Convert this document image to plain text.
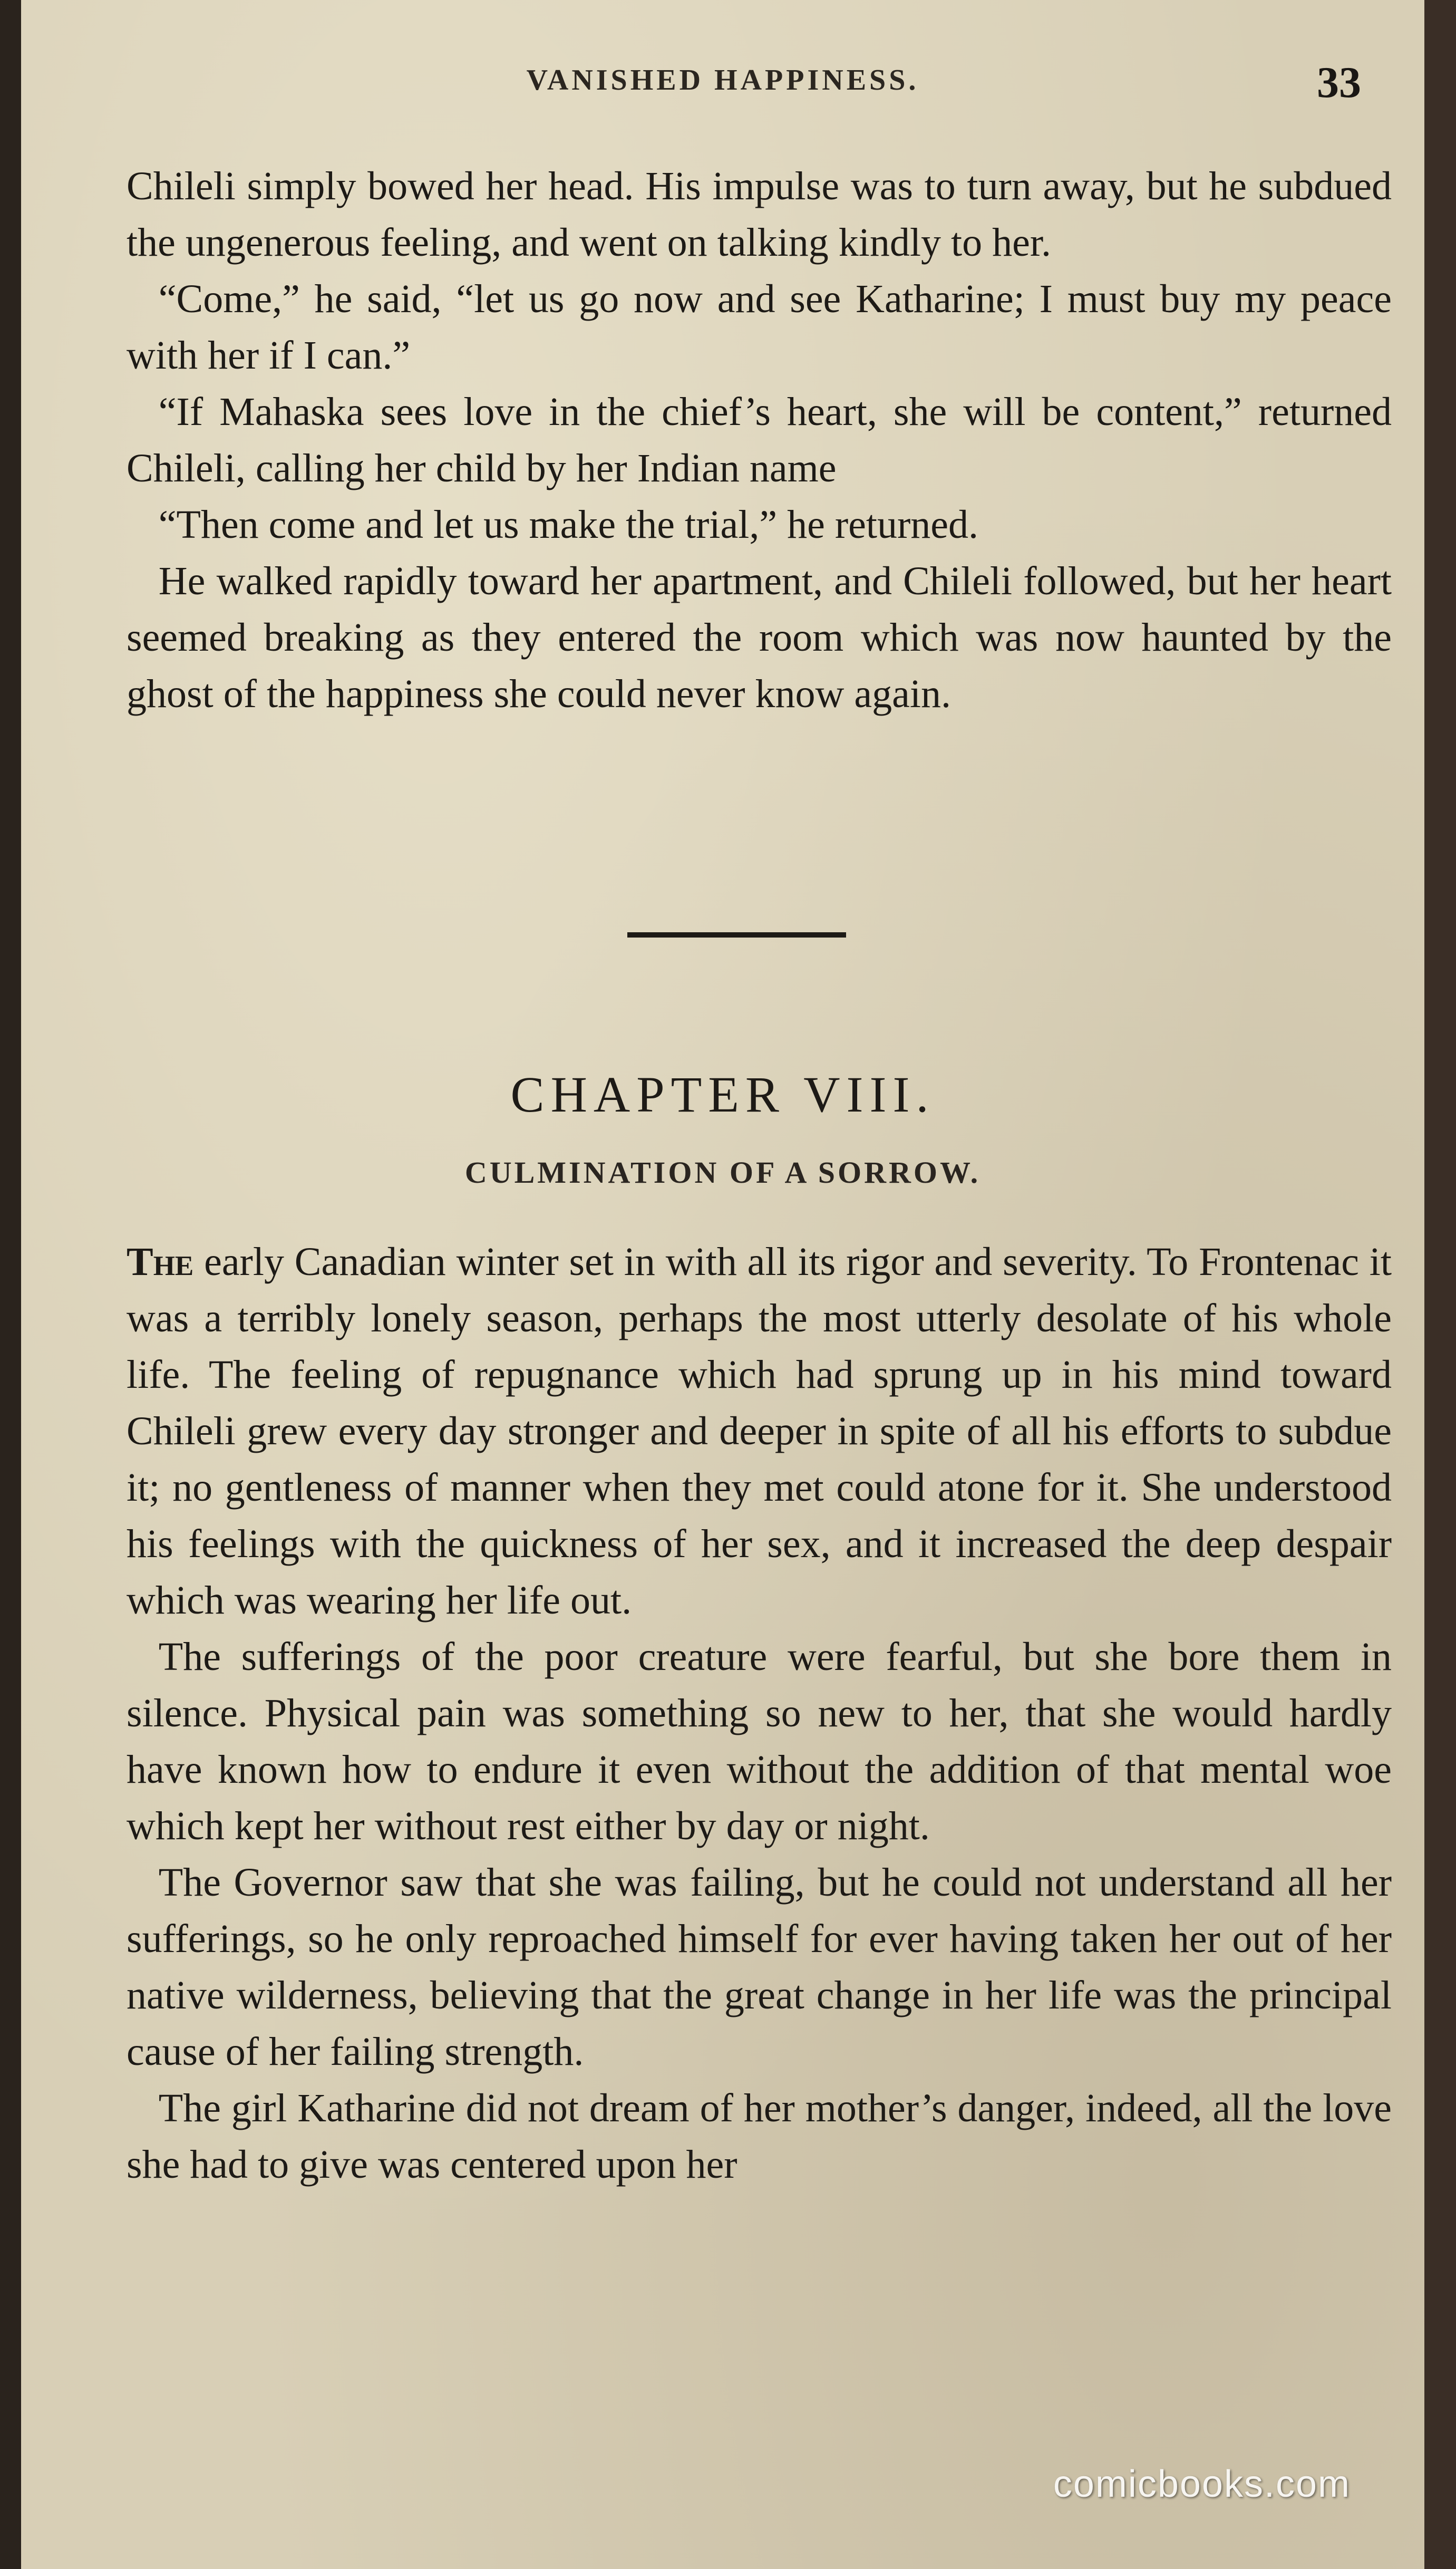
VANISHED HAPPINESS.	33

Chileli simply bowed her head. His impulse was to turn away, but he subdued the ungenerous feeling, and went on talking kindly to her.

“Come,” he said, “let us go now and see Katharine; I must buy my peace with her if I can.”

“If Mahaska sees love in the chief’s heart, she will be content,” returned Chileli, calling her child by her Indian name

“Then come and let us make the trial,” he returned.

He walked rapidly toward her apartment, and Chileli followed, but her heart seemed breaking as they entered the room which was now haunted by the ghost of the happiness she could never know again.

CHAPTER VIII.
CULMINATION OF A SORROW.

The early Canadian winter set in with all its rigor and severity. To Frontenac it was a terribly lonely season, perhaps the most utterly desolate of his whole life. The feeling of repugnance which had sprung up in his mind toward Chileli grew every day stronger and deeper in spite of all his efforts to subdue it; no gentleness of manner when they met could atone for it. She understood his feelings with the quickness of her sex, and it increased the deep despair which was wearing her life out.

The sufferings of the poor creature were fearful, but she bore them in silence. Physical pain was something so new to her, that she would hardly have known how to endure it even without the addition of that mental woe which kept her without rest either by day or night.

The Governor saw that she was failing, but he could not understand all her sufferings, so he only reproached himself for ever having taken her out of her native wilderness, believing that the great change in her life was the principal cause of her failing strength.

The girl Katharine did not dream of her mother’s danger, indeed, all the love she had to give was centered upon her

comicbooks.com
